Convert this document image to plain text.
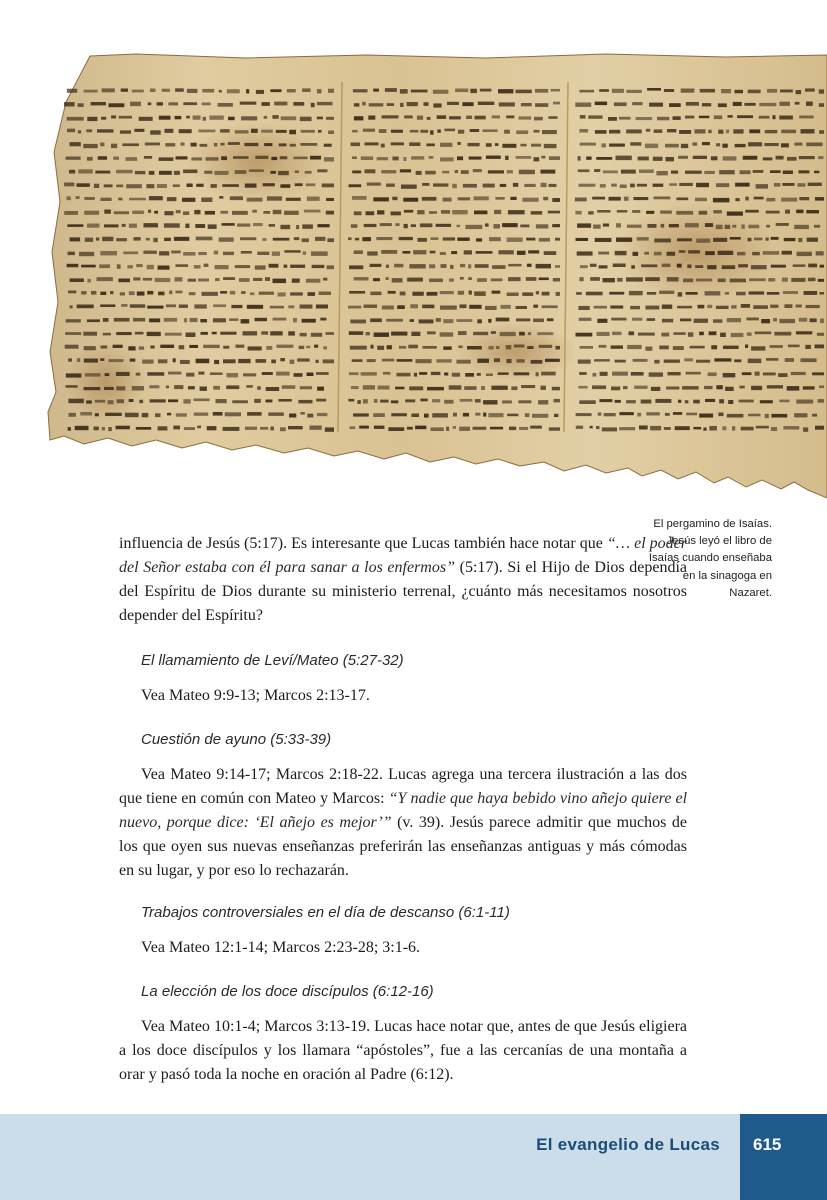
El pergamino de Isaías. Jesús leyó el libro de Isaías cuando enseñaba en la sinagoga en Nazaret.

influencia de Jesús (5:17). Es interesante que Lucas también hace notar que “… el poder del Señor estaba con él para sanar a los enfermos” (5:17). Si el Hijo de Dios dependía del Espíritu de Dios durante su ministerio terrenal, ¿cuánto más necesitamos nosotros depender del Espíritu?

El llamamiento de Leví/Mateo (5:27-32)

Vea Mateo 9:9-13; Marcos 2:13-17.

Cuestión de ayuno (5:33-39)

Vea Mateo 9:14-17; Marcos 2:18-22. Lucas agrega una tercera ilustración a las dos que tiene en común con Mateo y Marcos: “Y nadie que haya bebido vino añejo quiere el nuevo, porque dice: ‘El añejo es mejor’” (v. 39). Jesús parece admitir que muchos de los que oyen sus nuevas enseñanzas preferirán las enseñanzas antiguas y más cómodas en su lugar, y por eso lo rechazarán.

Trabajos controversiales en el día de descanso (6:1-11)

Vea Mateo 12:1-14; Marcos 2:23-28; 3:1-6.

La elección de los doce discípulos (6:12-16)

Vea Mateo 10:1-4; Marcos 3:13-19. Lucas hace notar que, antes de que Jesús eligiera a los doce discípulos y los llamara “apóstoles”, fue a las cercanías de una montaña a orar y pasó toda la noche en oración al Padre (6:12).

El evangelio de Lucas 615
